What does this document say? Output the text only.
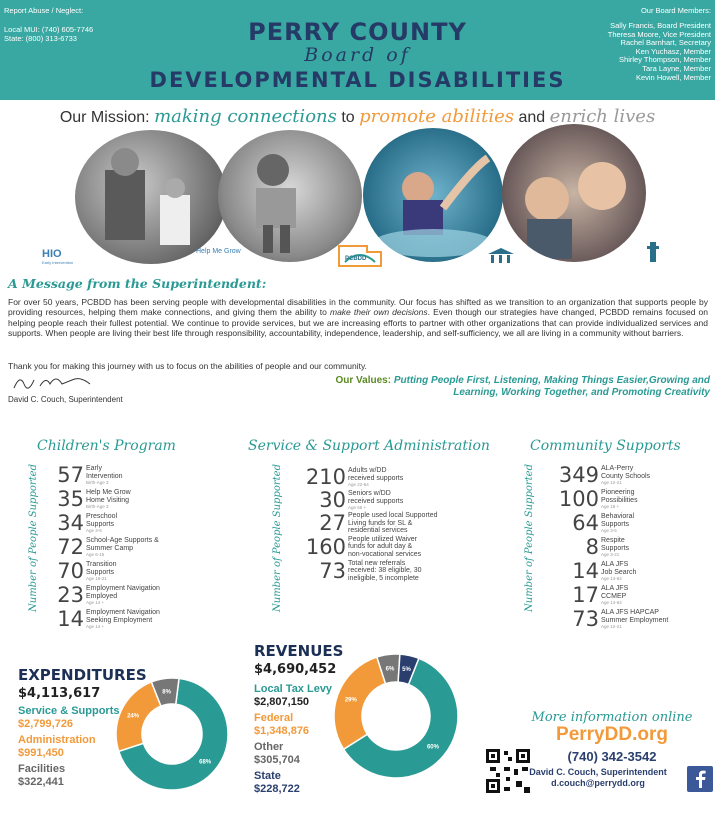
Report Abuse / Neglect:
Local MUI: (740) 605-7746
State: (800) 313-6733	PERRY COUNTY
Board of
DEVELOPMENTAL DISABILITIES
Our Board Members:
Sally Francis, Board President
Theresa Moore, Vice President
Rachel Barnhart, Secretary
Ken Yuchasz, Member
Shirley Thompson, Member
Tara Layne, Member
Kevin Howell, Member
Our Mission: making connections to promote abilities and enrich lives
HIO
Early Intervention
Help Me Grow
PCBDD
A Message from the Superintendent:
For over 50 years, PCBDD has been serving people with developmental disabilities in the community. Our focus has shifted as we transition to an organization that supports people by providing resources, helping them make connections, and giving them the ability to make their own decisions. Even though our strategies have changed, PCBDD remains focused on helping people reach their fullest potential. We continue to provide services, but we are increasing efforts to partner with other organizations that can provide individualized services and supports. When people are living their best life through responsibility, accountability, independence, leadership, and self-sufficiency, we all are living in a community without barriers.
Thank you for making this journey with us to focus on the abilities of people and our community.
David C. Couch, Superintendent
Our Values: Putting People First, Listening, Making Things Easier,Growing and Learning, Working Together, and Promoting Creativity
Children's Program	Service & Support Administration	Community Supports
Number of People Supported	Number of People Supported	Number of People Supported
57 Early
Intervention
Birth-Age 3
35 Help Me Grow
Home Visiting
Birth-Age 3
34 Preschool
Supports
Age 3-5
72 School-Age Supports &
Summer Camp
Age 6-15
70 Transition
Supports
Age 16-21
23 Employment Navigation
Employed
Age 14 +
14 Employment Navigation
Seeking Employment
Age 14 +
210 Adults w/DD
received supports
Age 22-64
30 Seniors w/DD
received supports
Age 65 +
27 People used local Supported
Living funds for SL &
residential services
160 People utilized Waiver
funds for adult day &
non-vocational services
73 Total new referrals
received: 38 eligible, 30
ineligible, 5 incomplete
349 ALA-Perry
County Schools
Age 12-21
100 Pioneering
Possibilities
Age 18 +
64 Behavioral
Supports
Age 3-5
8 Respite
Supports
Age 3-21
14 ALA JFS
Job Search
Age 14-64
17 ALA JFS
CCMEP
Age 14-64
73 ALA JFS HAPCAP
Summer Employment
Age 12-21
EXPENDITURES
$4,113,617
Service & Supports
$2,799,726
Administration
$991,450
Facilities
$322,441
68%
24%
8%
REVENUES
$4,690,452
Local Tax Levy
$2,807,150
Federal
$1,348,876
Other
$305,704
State
$228,722
60%
29%
6% 5%
More information online
PerryDD.org
(740) 342-3542
David C. Couch, Superintendent
d.couch@perrydd.org
